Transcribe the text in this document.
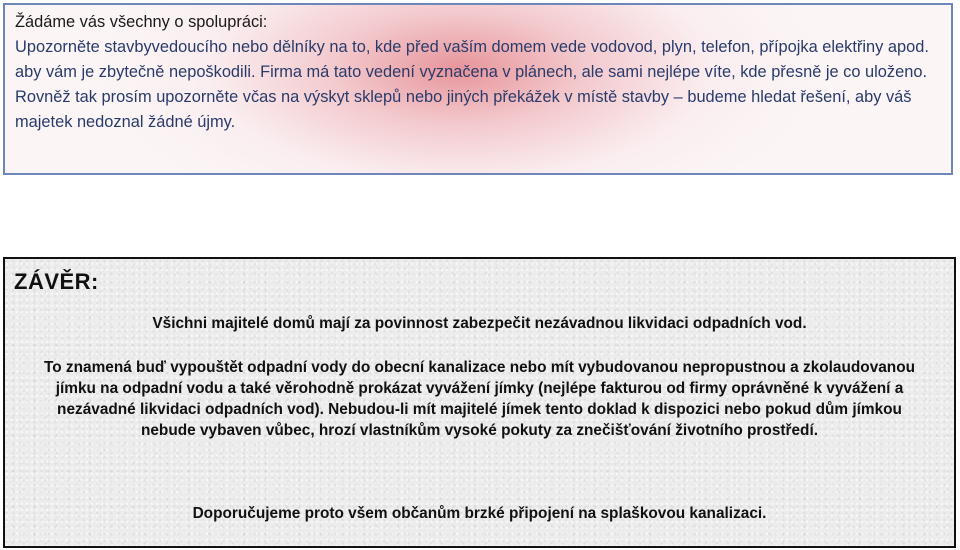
Žádáme vás všechny o spolupráci:

Upozorněte stavbyvedoucího nebo dělníky na to, kde před vaším domem vede vodovod, plyn, telefon, přípojka elektřiny apod. aby vám je zbytečně nepoškodili. Firma má tato vedení vyznačena v plánech, ale sami nejlépe víte, kde přesně je co uloženo.

Rovněž tak prosím upozorněte včas na výskyt sklepů nebo jiných překážek v místě stavby – budeme hledat řešení, aby váš majetek nedoznal žádné újmy.

ZÁVĚR:

Všichni majitelé domů mají za povinnost zabezpečit nezávadnou likvidaci odpadních vod.

To znamená buď vypouštět odpadní vody do obecní kanalizace nebo mít vybudovanou nepropustnou a zkolaudovanou jímku na odpadní vodu a také věrohodně prokázat vyvážení jímky (nejlépe fakturou od firmy oprávněné k vyvážení a nezávadné likvidaci odpadních vod). Nebudou-li mít majitelé jímek tento doklad k dispozici nebo pokud dům jímkou nebude vybaven vůbec, hrozí vlastníkům vysoké pokuty za znečišťování životního prostředí.

Doporučujeme proto všem občanům brzké připojení na splaškovou kanalizaci.
